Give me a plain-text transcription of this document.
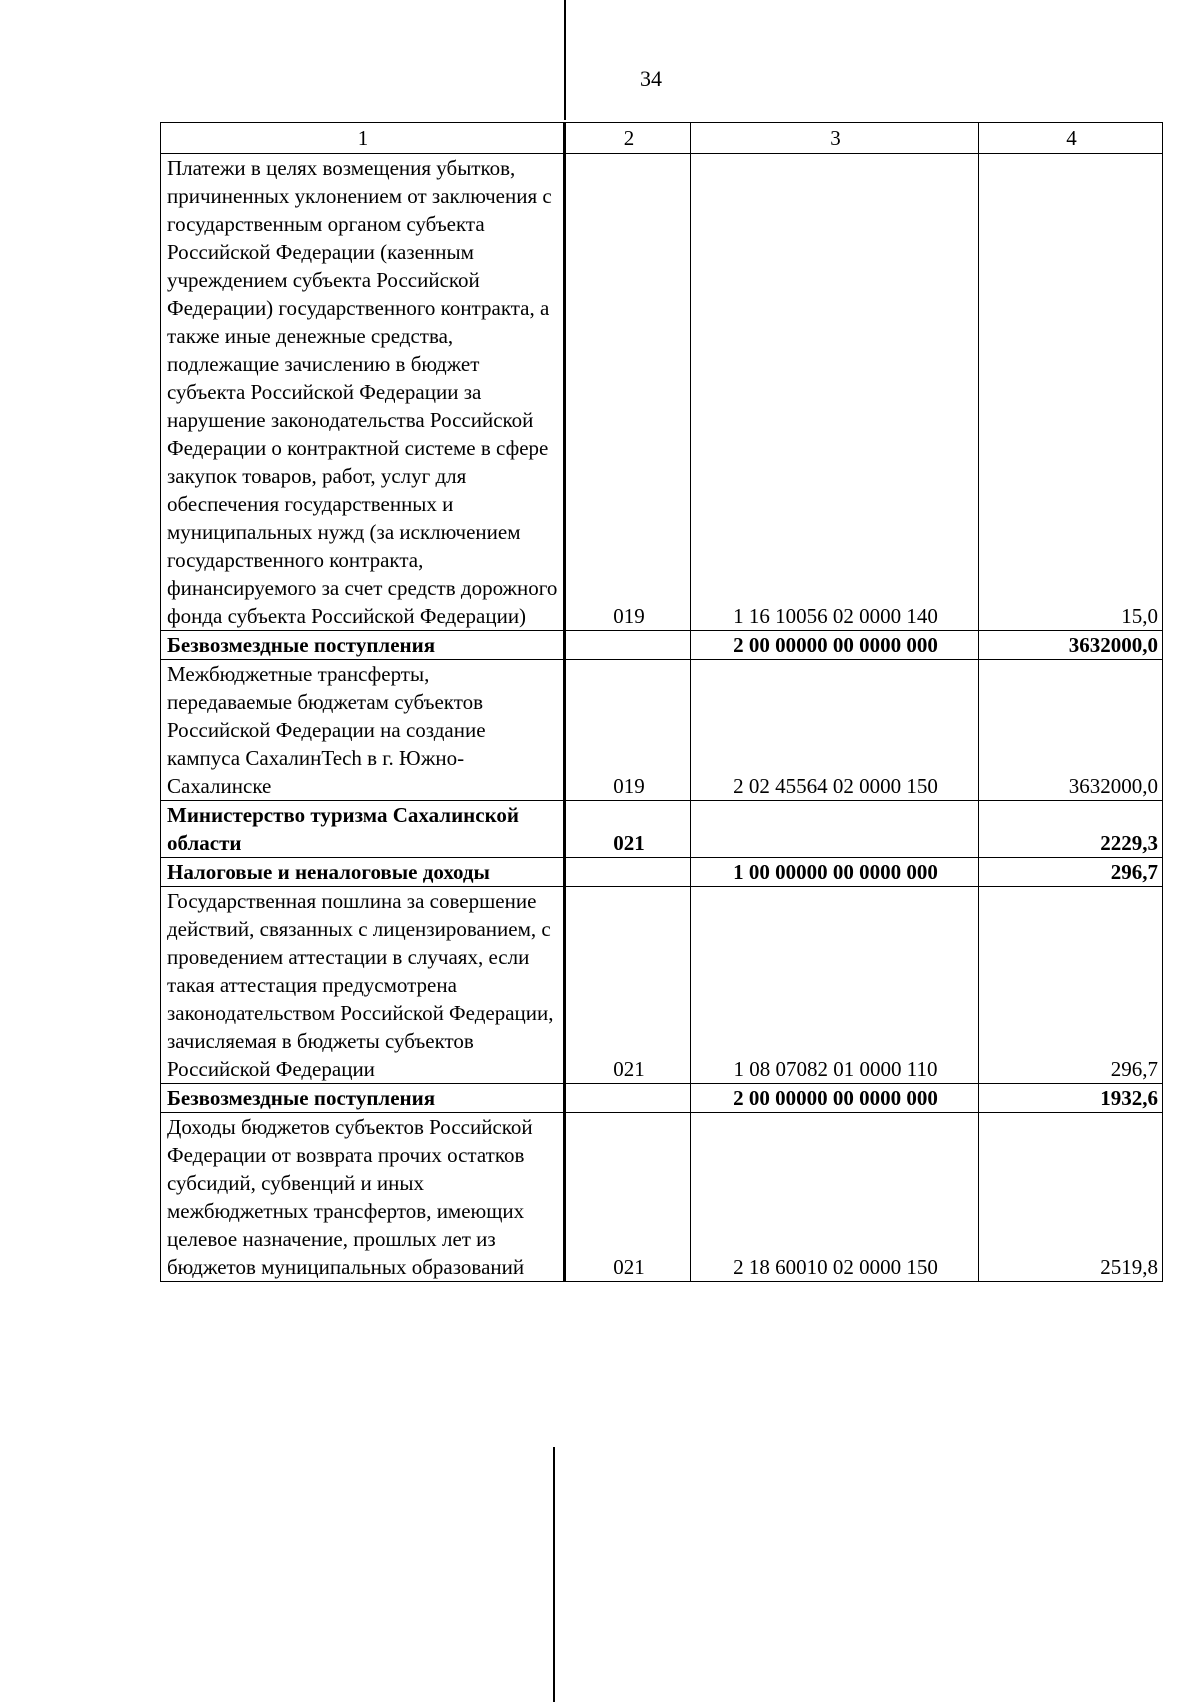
34
1	2	3	4
Платежи в целях возмещения убытков, причиненных уклонением от заключения с государственным органом субъекта Российской Федерации (казенным учреждением субъекта Российской Федерации) государственного контракта, а также иные денежные средства, подлежащие зачислению в бюджет субъекта Российской Федерации за нарушение законодательства Российской Федерации о контрактной системе в сфере закупок товаров, работ, услуг для обеспечения государственных и муниципальных нужд (за исключением государственного контракта, финансируемого за счет средств дорожного фонда субъекта Российской Федерации)	019	1 16 10056 02 0000 140	15,0
Безвозмездные поступления		2 00 00000 00 0000 000	3632000,0
Межбюджетные трансферты, передаваемые бюджетам субъектов Российской Федерации на создание кампуса СахалинTech в г. Южно-Сахалинске	019	2 02 45564 02 0000 150	3632000,0
Министерство туризма Сахалинской области	021		2229,3
Налоговые и неналоговые доходы		1 00 00000 00 0000 000	296,7
Государственная пошлина за совершение действий, связанных с лицензированием, с проведением аттестации в случаях, если такая аттестация предусмотрена законодательством Российской Федерации, зачисляемая в бюджеты субъектов Российской Федерации	021	1 08 07082 01 0000 110	296,7
Безвозмездные поступления		2 00 00000 00 0000 000	1932,6
Доходы бюджетов субъектов Российской Федерации от возврата прочих остатков субсидий, субвенций и иных межбюджетных трансфертов, имеющих целевое назначение, прошлых лет из бюджетов муниципальных образований	021	2 18 60010 02 0000 150	2519,8
